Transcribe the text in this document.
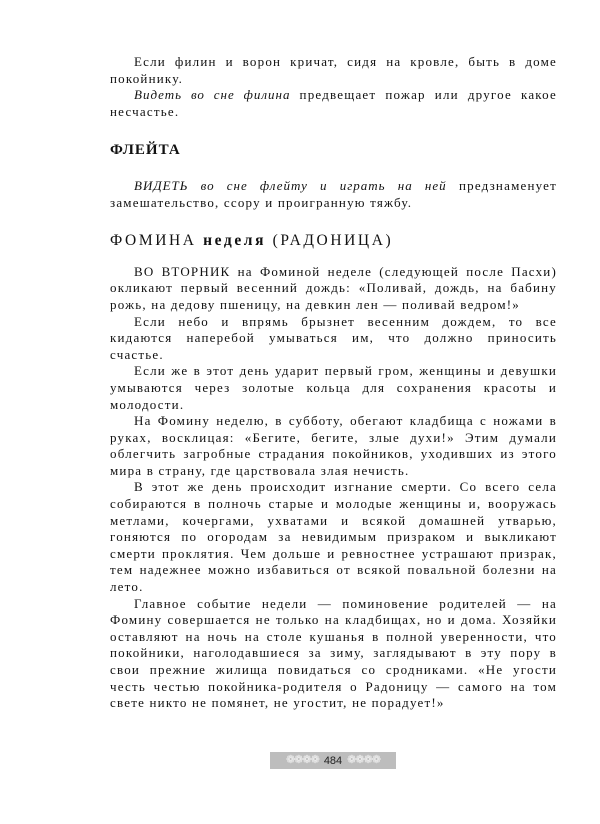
Если филин и ворон кричат, сидя на кровле, быть в доме покойнику.

Видеть во сне филина предвещает пожар или другое какое несчастье.

ФЛЕЙТА

ВИДЕТЬ во сне флейту и играть на ней предзнаменует замешательство, ссору и проигранную тяжбу.

ФОМИНА неделя (РАДОНИЦА)

ВО ВТОРНИК на Фоминой неделе (следующей после Пасхи) окликают первый весенний дождь: «Поливай, дождь, на бабину рожь, на дедову пшеницу, на девкин лен — поливай ведром!»

Если небо и впрямь брызнет весенним дождем, то все кидаются наперебой умываться им, что должно приносить счастье.

Если же в этот день ударит первый гром, женщины и девушки умываются через золотые кольца для сохранения красоты и молодости.

На Фомину неделю, в субботу, обегают кладбища с ножами в руках, восклицая: «Бегите, бегите, злые духи!» Этим думали облегчить загробные страдания покойников, уходивших из этого мира в страну, где царствовала злая нечисть.

В этот же день происходит изгнание смерти. Со всего села собираются в полночь старые и молодые женщины и, вооружась метлами, кочергами, ухватами и всякой домашней утварью, гоняются по огородам за невидимым призраком и выкликают смерти проклятия. Чем дольше и ревностнее устрашают призрак, тем надежнее можно избавиться от всякой повальной болезни на лето.

Главное событие недели — поминовение родителей — на Фомину совершается не только на кладбищах, но и дома. Хозяйки оставляют на ночь на столе кушанья в полной уверенности, что покойники, наголодавшиеся за зиму, заглядывают в эту пору в свои прежние жилища повидаться со сродниками. «Не угости честь честью покойника-родителя о Радоницу — самого на том свете никто не помянет, не угостит, не порадует!»

❁❁❁❁ 484 ❁❁❁❁
